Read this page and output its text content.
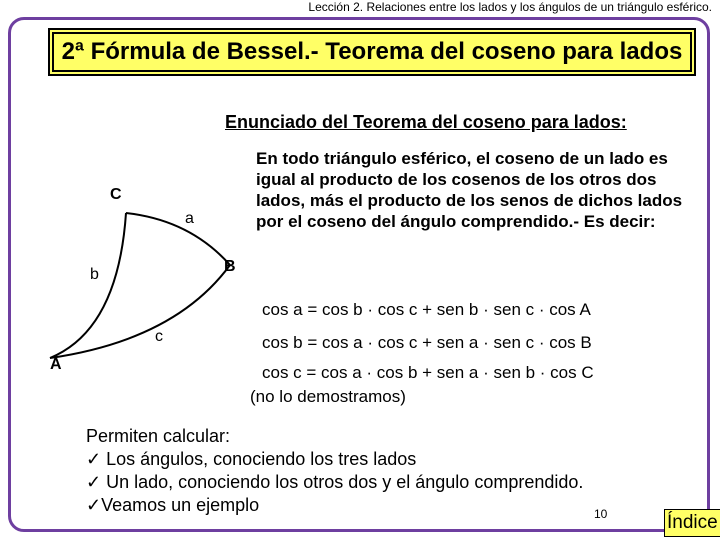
Lección 2. Relaciones entre los lados y los ángulos de un triángulo esférico.
2ª Fórmula de Bessel.- Teorema del coseno para lados
Enunciado del Teorema del coseno para lados:
En todo triángulo esférico, el coseno de un lado es igual al producto de los cosenos de los otros dos lados, más el producto de los senos de dichos lados por el coseno del ángulo comprendido.- Es decir:
cos a = cos b · cos c + sen b · sen c · cos A
cos b = cos a · cos c + sen a · sen c · cos B
cos c = cos a · cos b + sen a · sen b · cos C
(no lo demostramos)
C
B
A
a
b
c
Permiten calcular:
✓ Los ángulos, conociendo los tres lados
✓ Un lado, conociendo los otros dos y el ángulo comprendido.
✓Veamos un ejemplo	10	Índice
